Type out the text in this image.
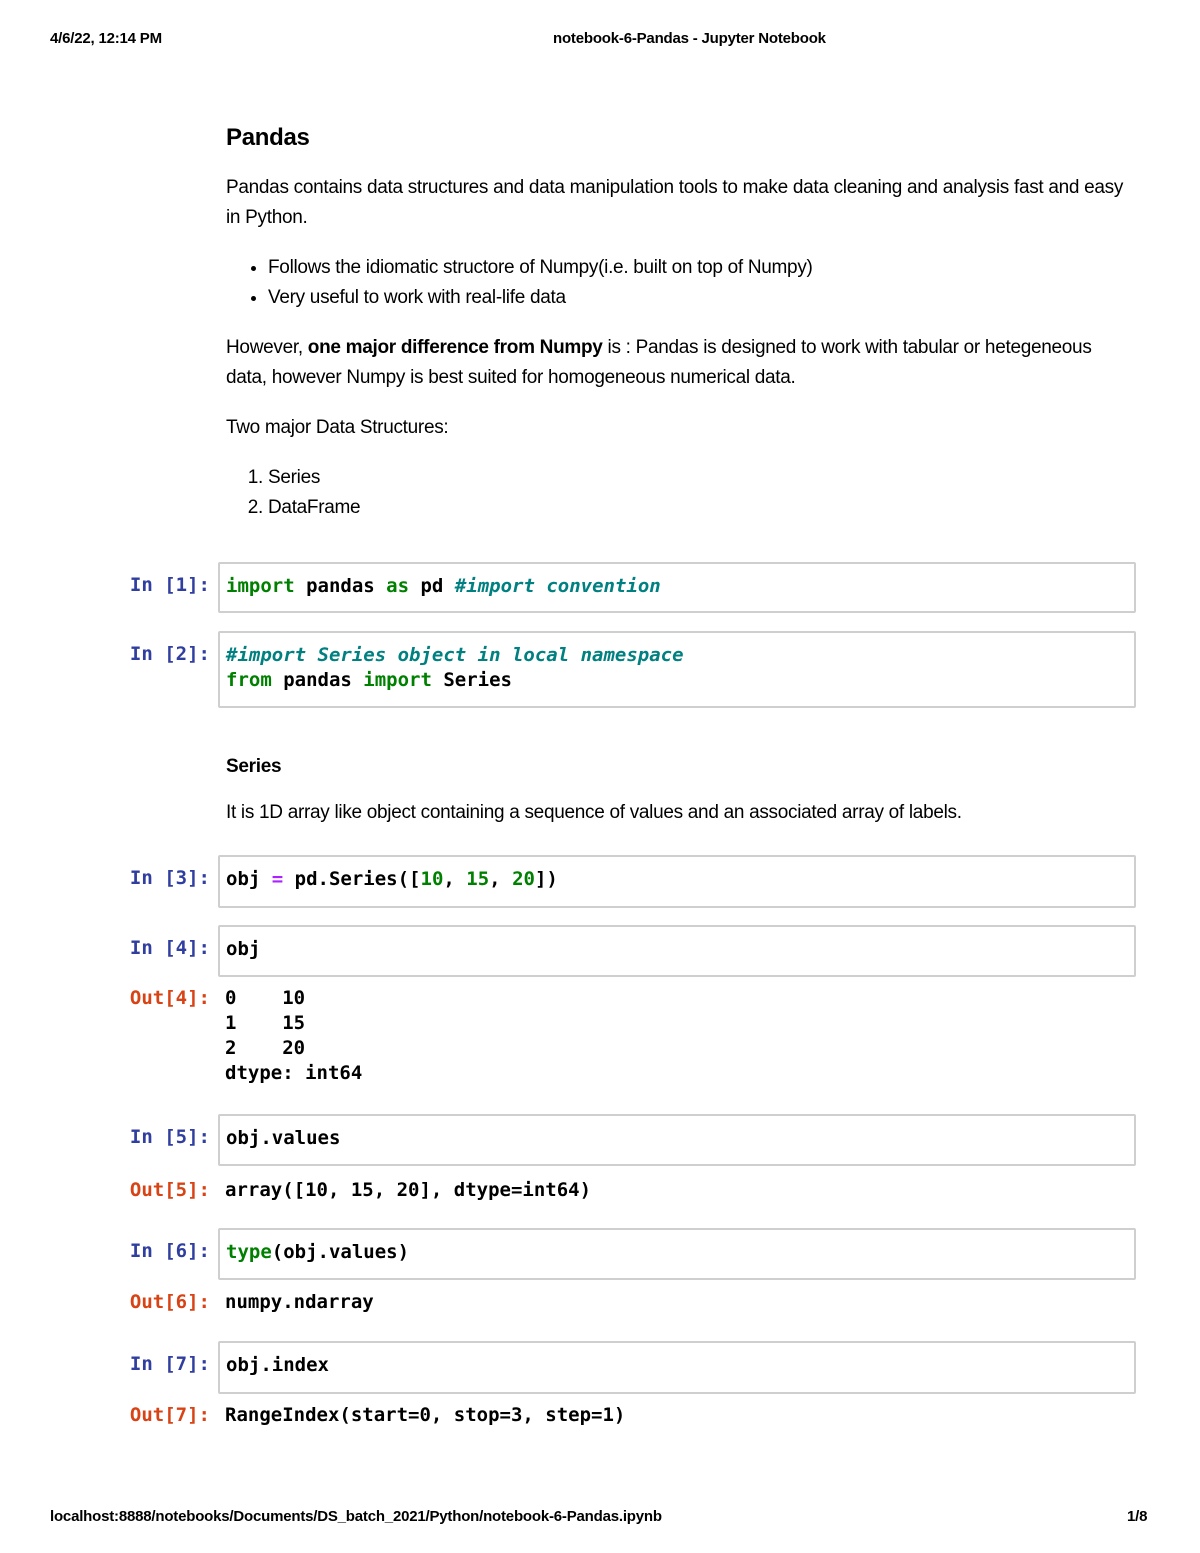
4/6/22, 12:14 PM	notebook-6-Pandas - Jupyter Notebook
Pandas

Pandas contains data structures and data manipulation tools to make data cleaning and analysis fast and easy in Python.

• Follows the idiomatic structore of Numpy(i.e. built on top of Numpy)
• Very useful to work with real-life data

However, one major difference from Numpy is : Pandas is designed to work with tabular or hetegeneous data, however Numpy is best suited for homogeneous numerical data.

Two major Data Structures:

1. Series
2. DataFrame
In [1]: import pandas as pd #import convention
In [2]: #import Series object in local namespace
from pandas import Series
Series

It is 1D array like object containing a sequence of values and an associated array of labels.

In [3]: obj = pd.Series([10, 15, 20])
In [4]: obj
Out[4]: 0    10
1    15
2    20
dtype: int64
In [5]: obj.values
Out[5]: array([10, 15, 20], dtype=int64)
In [6]: type(obj.values)
Out[6]: numpy.ndarray
In [7]: obj.index
Out[7]: RangeIndex(start=0, stop=3, step=1)
localhost:8888/notebooks/Documents/DS_batch_2021/Python/notebook-6-Pandas.ipynb	1/8
